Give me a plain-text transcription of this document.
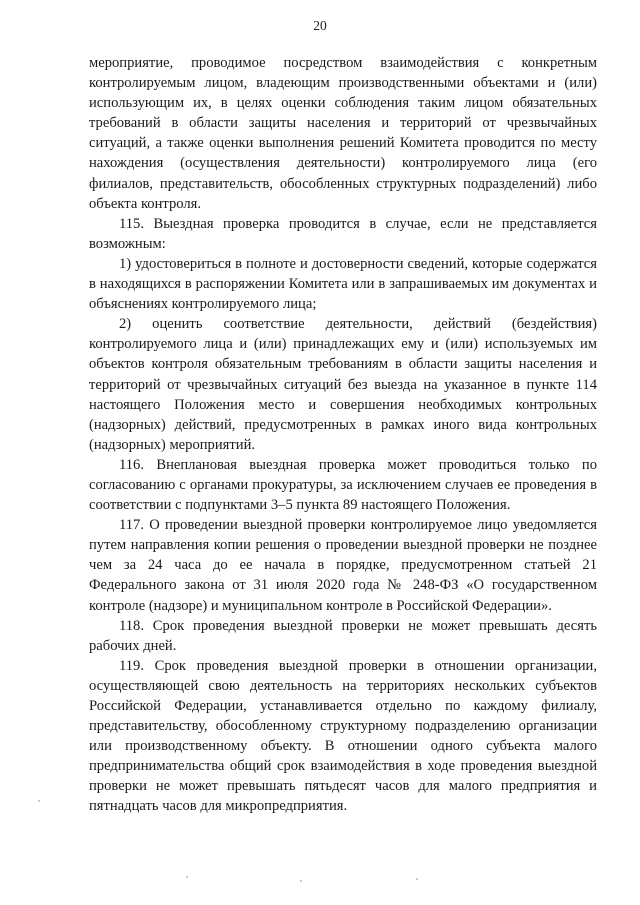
20

мероприятие, проводимое посредством взаимодействия с конкретным контролируемым лицом, владеющим производственными объектами и (или) использующим их, в целях оценки соблюдения таким лицом обязательных требований в области защиты населения и территорий от чрезвычайных ситуаций, а также оценки выполнения решений Комитета проводится по месту нахождения (осуществления деятельности) контролируемого лица (его филиалов, представительств, обособленных структурных подразделений) либо объекта контроля.

115. Выездная проверка проводится в случае, если не представляется возможным:

1) удостовериться в полноте и достоверности сведений, которые содержатся в находящихся в распоряжении Комитета или в запрашиваемых им документах и объяснениях контролируемого лица;

2) оценить соответствие деятельности, действий (бездействия) контролируемого лица и (или) принадлежащих ему и (или) используемых им объектов контроля обязательным требованиям в области защиты населения и территорий от чрезвычайных ситуаций без выезда на указанное в пункте 114 настоящего Положения место и совершения необходимых контрольных (надзорных) действий, предусмотренных в рамках иного вида контрольных (надзорных) мероприятий.

116. Внеплановая выездная проверка может проводиться только по согласованию с органами прокуратуры, за исключением случаев ее проведения в соответствии с подпунктами 3–5 пункта 89 настоящего Положения.

117. О проведении выездной проверки контролируемое лицо уведомляется путем направления копии решения о проведении выездной проверки не позднее чем за 24 часа до ее начала в порядке, предусмотренном статьей 21 Федерального закона от 31 июля 2020 года № 248-ФЗ «О государственном контроле (надзоре) и муниципальном контроле в Российской Федерации».

118. Срок проведения выездной проверки не может превышать десять рабочих дней.

119. Срок проведения выездной проверки в отношении организации, осуществляющей свою деятельность на территориях нескольких субъектов Российской Федерации, устанавливается отдельно по каждому филиалу, представительству, обособленному структурному подразделению организации или производственному объекту. В отношении одного субъекта малого предпринимательства общий срок взаимодействия в ходе проведения выездной проверки не может превышать пятьдесят часов для малого предприятия и пятнадцать часов для микропредприятия.
